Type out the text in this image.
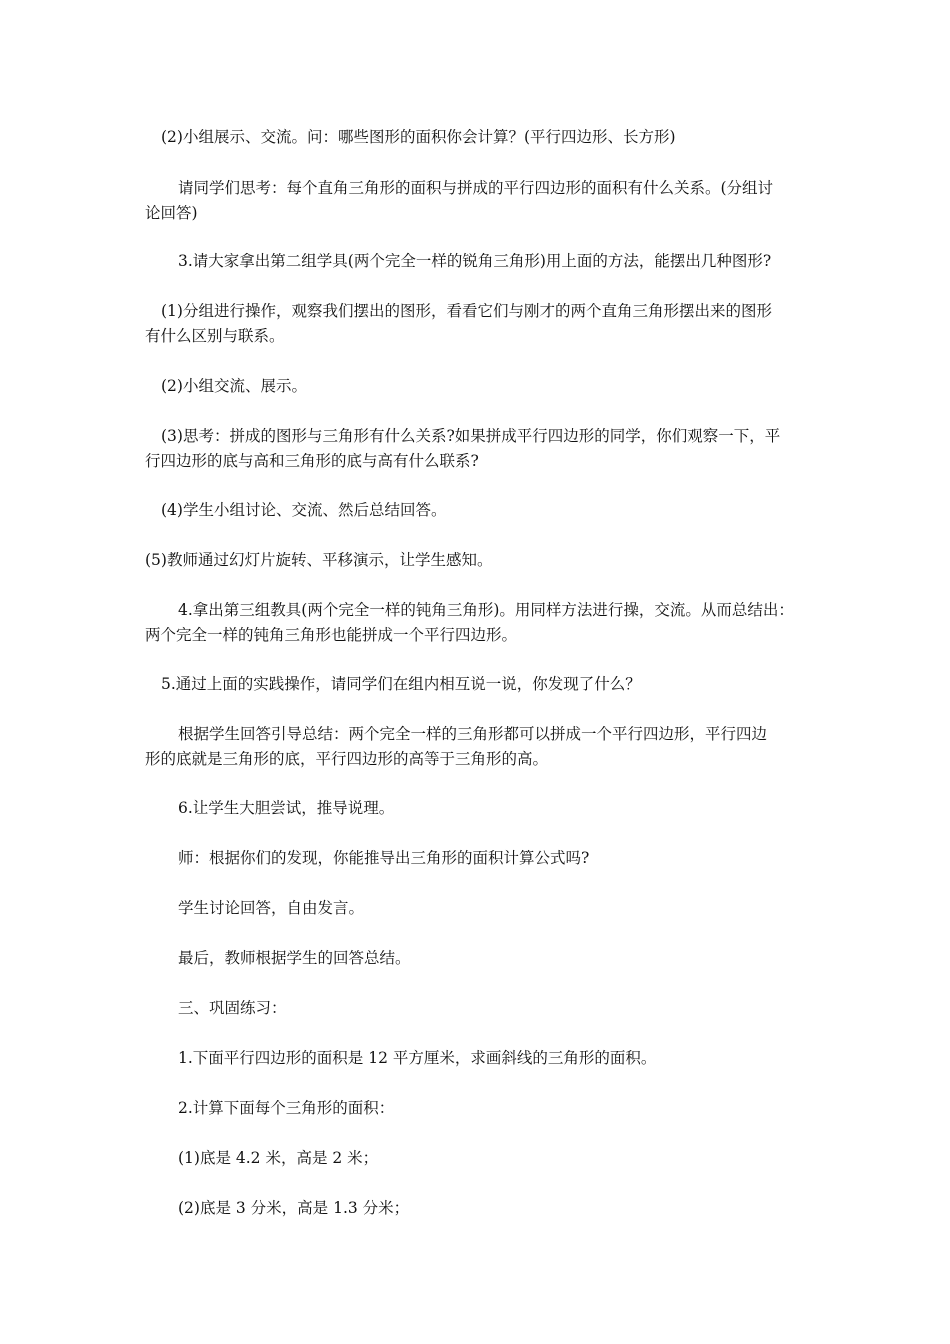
(2)小组展示、交流。问：哪些图形的面积你会计算？(平行四边形、长方形)

请同学们思考：每个直角三角形的面积与拼成的平行四边形的面积有什么关系。(分组讨
论回答)

3.请大家拿出第二组学具(两个完全一样的锐角三角形)用上面的方法，能摆出几种图形?

(1)分组进行操作，观察我们摆出的图形，看看它们与刚才的两个直角三角形摆出来的图形
有什么区别与联系。

(2)小组交流、展示。

(3)思考：拼成的图形与三角形有什么关系?如果拼成平行四边形的同学，你们观察一下，平
行四边形的底与高和三角形的底与高有什么联系?

(4)学生小组讨论、交流、然后总结回答。

(5)教师通过幻灯片旋转、平移演示，让学生感知。

4.拿出第三组教具(两个完全一样的钝角三角形)。用同样方法进行操，交流。从而总结出：
两个完全一样的钝角三角形也能拼成一个平行四边形。

5.通过上面的实践操作，请同学们在组内相互说一说，你发现了什么？

根据学生回答引导总结：两个完全一样的三角形都可以拼成一个平行四边形，平行四边
形的底就是三角形的底，平行四边形的高等于三角形的高。

6.让学生大胆尝试，推导说理。

师：根据你们的发现，你能推导出三角形的面积计算公式吗?

学生讨论回答，自由发言。

最后，教师根据学生的回答总结。

三、巩固练习：

1.下面平行四边形的面积是 12 平方厘米，求画斜线的三角形的面积。

2.计算下面每个三角形的面积：

(1)底是 4.2 米，高是 2 米；

(2)底是 3 分米，高是 1.3 分米；
